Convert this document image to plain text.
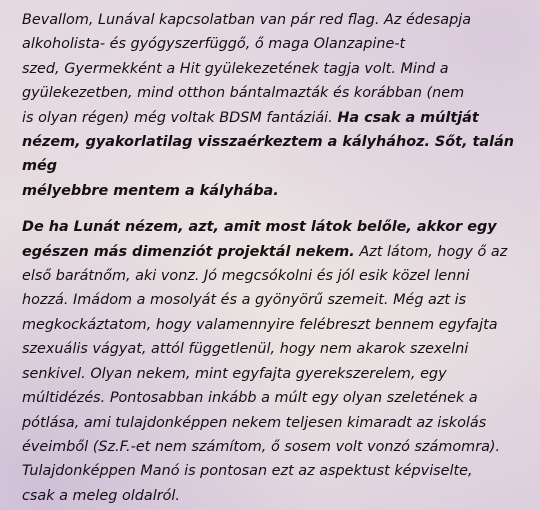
Bevallom, Lunával kapcsolatban van pár red flag. Az édesapja
alkoholista- és gyógyszerfüggő, ő maga Olanzapine-t
szed, Gyermekként a Hit gyülekezetének tagja volt. Mind a
gyülekezetben, mind otthon bántalmazták és korábban (nem
is olyan régen) még voltak BDSM fantáziái. Ha csak a múltját
nézem, gyakorlatilag visszaérkeztem a kályhához. Sőt, talán még
mélyebbre mentem a kályhába.

De ha Lunát nézem, azt, amit most látok belőle, akkor egy
egészen más dimenziót projektál nekem. Azt látom, hogy ő az
első barátnőm, aki vonz. Jó megcsókolni és jól esik közel lenni
hozzá. Imádom a mosolyát és a gyönyörű szemeit. Még azt is
megkockáztatom, hogy valamennyire felébreszt bennem egyfajta
szexuális vágyat, attól függetlenül, hogy nem akarok szexelni
senkivel. Olyan nekem, mint egyfajta gyerekszerelem, egy
múltidézés. Pontosabban inkább a múlt egy olyan szeletének a
pótlása, ami tulajdonképpen nekem teljesen kimaradt az iskolás
éveimből (Sz.F.-et nem számítom, ő sosem volt vonzó számomra).
Tulajdonképpen Manó is pontosan ezt az aspektust képviselte,
csak a meleg oldalról.
